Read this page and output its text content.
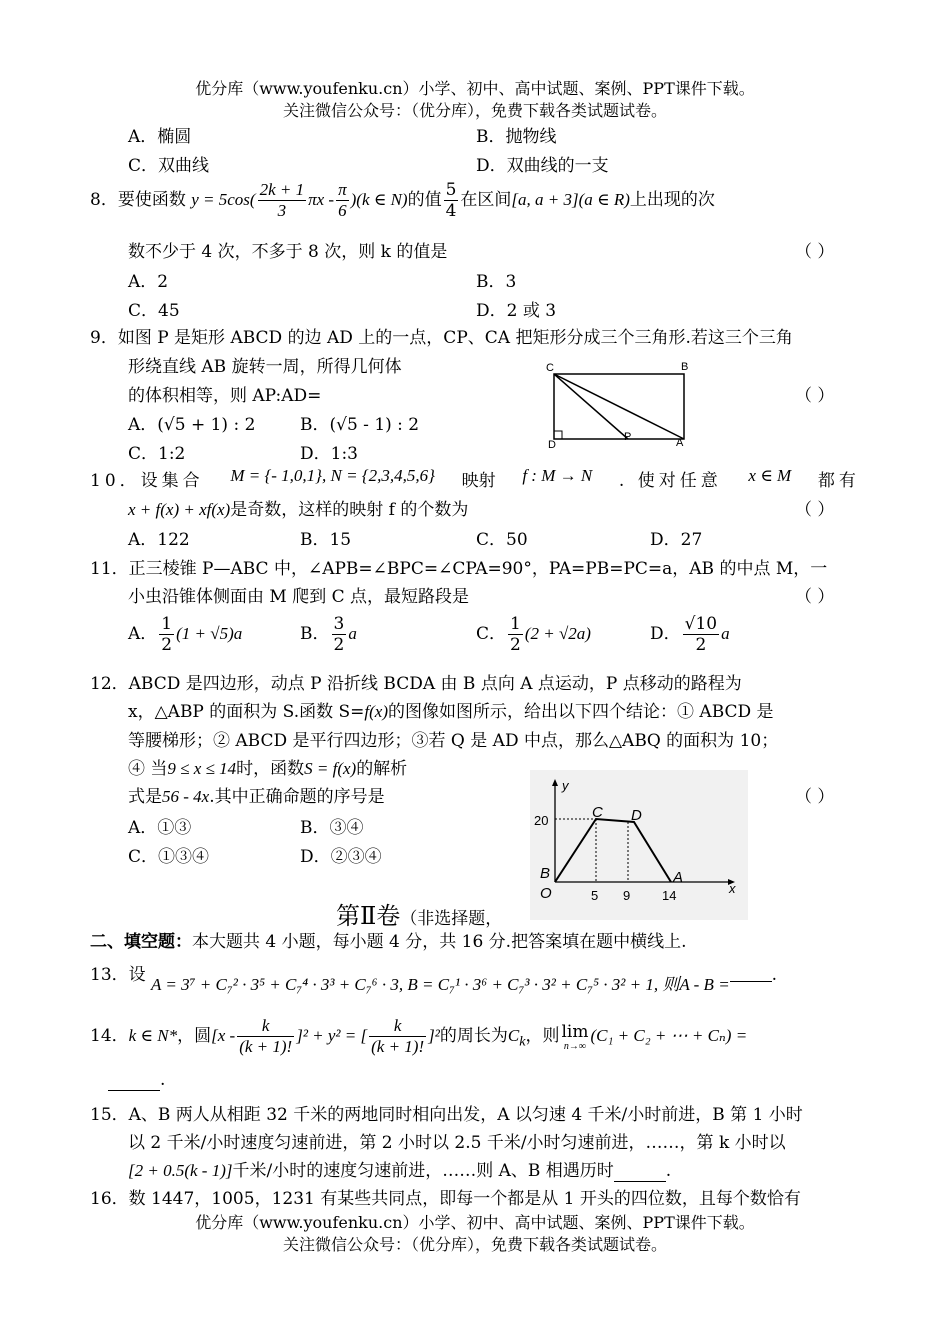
优分库（www.youfenku.cn）小学、初中、高中试题、案例、PPT课件下载。
关注微信公众号：（优分库），免费下载各类试题试卷。
A．椭圆	B．抛物线
C．双曲线	D．双曲线的一支
8．要使函数 $y = 5\cos( \frac{2k + 1}{3}$ πx - $\frac{\pi}{6} )(k$ ∈ N)的值 $\frac{5}{4}$ 在区间[a, a + 3](a ∈ R)上出现的次
数不少于 4 次，不多于 8 次，则 k 的值是	（ ）
A．2	B．3
C．45	D．2 或 3
9．如图 P 是矩形 ABCD 的边 AD 上的一点，CP、CA 把矩形分成三个三角形.若这三个三角
形绕直线 AB 旋转一周，所得几何体
的体积相等，则 AP:AD=	（ ）
A．(√5 + 1) : 2	B．(√5 - 1) : 2
C．1:2	D．1:3
C	B
D
P	A
10．设集合 M = {- 1,0,1}, N = {2,3,4,5,6} 映射 f : M → N . 使对任意 x ∈ M 都有
x + f(x) + xf(x)是奇数，这样的映射 f 的个数为	（ ）
A．122	B．15	C．50	D．27
11．正三棱锥 P—ABC 中，∠APB=∠BPC=∠CPA=90°，PA=PB=PC=a，AB 的中点 M，一
小虫沿锥体侧面由 M 爬到 C 点，最短路段是	（ ）
A． $\frac{1}{2} (1 + √5)a$	B． $\frac{3}{2}$ a	C． $\frac{1}{2} (2 + √2a)$	D． $\frac{√10}{2}$ a
12．ABCD 是四边形，动点 P 沿折线 BCDA 由 B 点向 A 点运动，P 点移动的路程为
x，△ABP 的面积为 S.函数 S=f(x)的图像如图所示，给出以下四个结论：① ABCD 是
等腰梯形；② ABCD 是平行四边形；③若 Q 是 AD 中点，那么△ABQ 的面积为 10；
④ 当9 ≤ x ≤ 14时，函数S = f(x)的解析
式是56 - 4x.其中正确命题的序号是	（ ）
A．①③	B．③④
C．①③④	D．②③④
y
x
O
B
C D
A
20
5 9 14
第Ⅱ卷（非选择题，
二、填空题：本大题共 4 小题，每小题 4 分，共 16 分.把答案填在题中横线上.
13．设 A = 3⁷ + C₇² · 3⁵ + C₇⁴ · 3³ + C₇⁶ · 3, B = C₇¹ · 3⁶ + C₇³ · 3² + C₇⁵ · 3² + 1, 则A - B = .
14．k ∈ N*，圆$[x - \frac{k}{(k + 1)!} ]^2 + y^2$ = [ $\frac{k}{(k + 1)!} ]^2$的周长为$C_k$，则 lim
n→∞
(C₁ + C₂ + ⋯ + Cₙ) =
.
15．A、B 两人从相距 32 千米的两地同时相向出发，A 以匀速 4 千米/小时前进，B 第 1 小时
以 2 千米/小时速度匀速前进，第 2 小时以 2.5 千米/小时匀速前进，……，第 k 小时以
[2 + 0.5(k - 1)]千米/小时的速度匀速前进，……则 A、B 相遇历时	.
16．数 1447，1005，1231 有某些共同点，即每一个都是从 1 开头的四位数，且每个数恰有
优分库（www.youfenku.cn）小学、初中、高中试题、案例、PPT课件下载。
关注微信公众号：（优分库），免费下载各类试题试卷。
